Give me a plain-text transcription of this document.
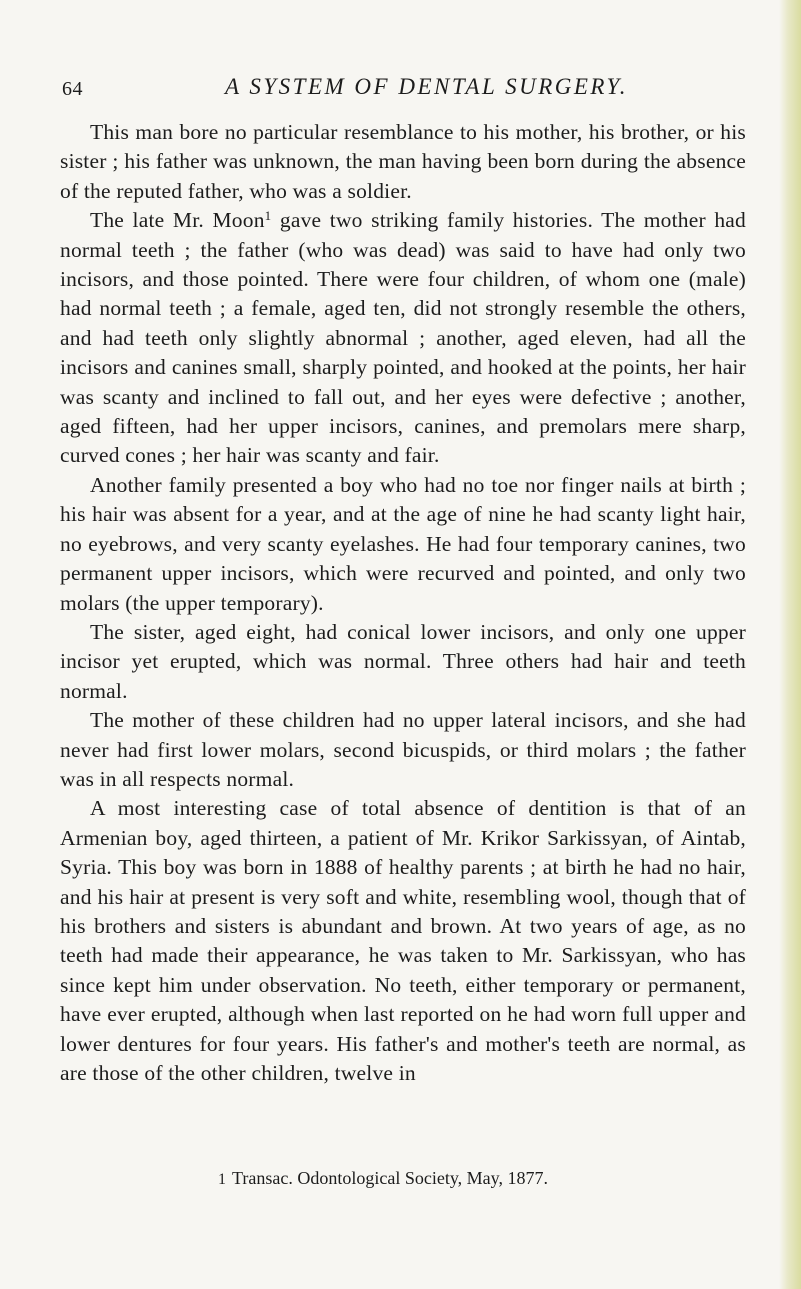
64	A SYSTEM OF DENTAL SURGERY.

This man bore no particular resemblance to his mother, his brother, or his sister ; his father was unknown, the man having been born during the absence of the reputed father, who was a soldier.

The late Mr. Moon$^1$ gave two striking family histories. The mother had normal teeth ; the father (who was dead) was said to have had only two incisors, and those pointed. There were four children, of whom one (male) had normal teeth ; a female, aged ten, did not strongly resemble the others, and had teeth only slightly abnormal ; another, aged eleven, had all the incisors and canines small, sharply pointed, and hooked at the points, her hair was scanty and inclined to fall out, and her eyes were defective ; another, aged fifteen, had her upper incisors, canines, and premolars mere sharp, curved cones ; her hair was scanty and fair.

Another family presented a boy who had no toe nor finger nails at birth ; his hair was absent for a year, and at the age of nine he had scanty light hair, no eyebrows, and very scanty eyelashes. He had four temporary canines, two permanent upper incisors, which were recurved and pointed, and only two molars (the upper temporary).

The sister, aged eight, had conical lower incisors, and only one upper incisor yet erupted, which was normal. Three others had hair and teeth normal.

The mother of these children had no upper lateral incisors, and she had never had first lower molars, second bicuspids, or third molars ; the father was in all respects normal.

A most interesting case of total absence of dentition is that of an Armenian boy, aged thirteen, a patient of Mr. Krikor Sarkissyan, of Aintab, Syria. This boy was born in 1888 of healthy parents ; at birth he had no hair, and his hair at present is very soft and white, resembling wool, though that of his brothers and sisters is abundant and brown. At two years of age, as no teeth had made their appearance, he was taken to Mr. Sarkissyan, who has since kept him under observation. No teeth, either temporary or permanent, have ever erupted, although when last reported on he had worn full upper and lower dentures for four years. His father's and mother's teeth are normal, as are those of the other children, twelve in

1 Transac. Odontological Society, May, 1877.
